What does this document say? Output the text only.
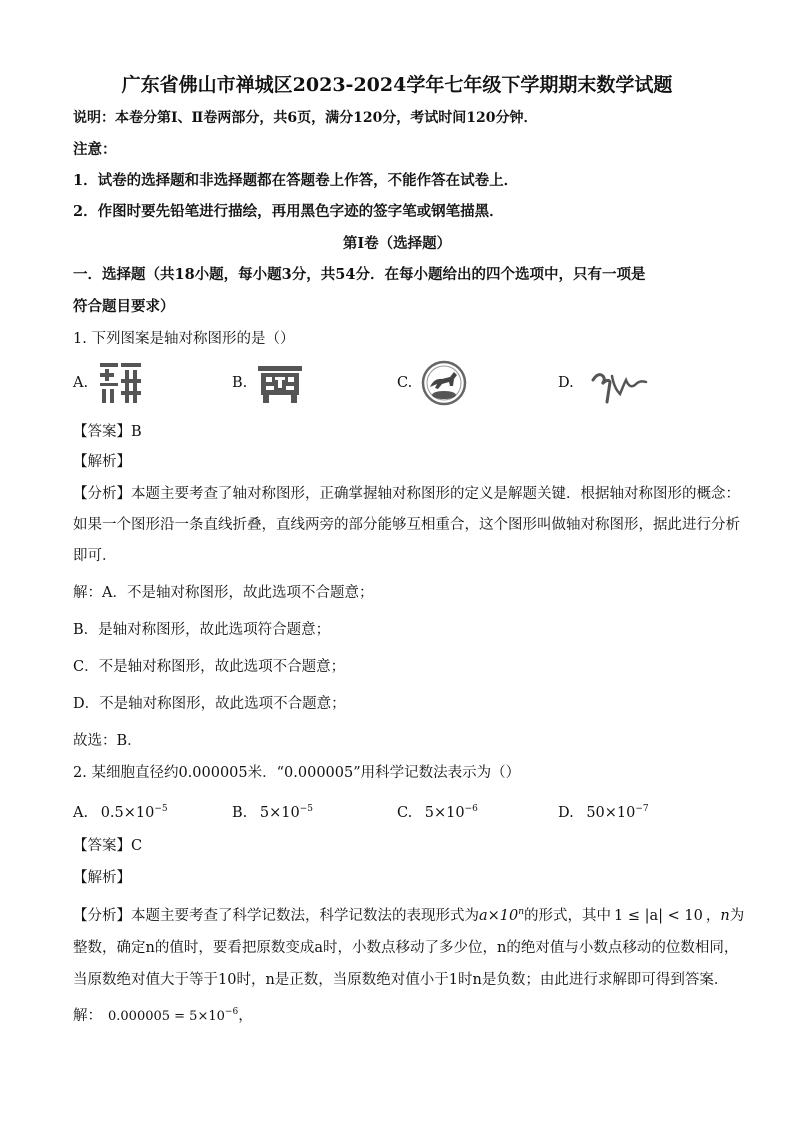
广东省佛山市禅城区2023-2024学年七年级下学期期末数学试题
说明：本卷分第Ⅰ、Ⅱ卷两部分，共6页，满分120分，考试时间120分钟．
注意：
1．试卷的选择题和非选择题都在答题卷上作答，不能作答在试卷上．
2．作图时要先铅笔进行描绘，再用黑色字迹的签字笔或钢笔描黑．
第Ⅰ卷（选择题）
一．选择题（共18小题，每小题3分，共54分．在每小题给出的四个选项中，只有一项是
符合题目要求）
1. 下列图案是轴对称图形的是（）
A.	B.	C.	D.
【答案】B
【解析】
【分析】本题主要考查了轴对称图形，正确掌握轴对称图形的定义是解题关键．根据轴对称图形的概念：
如果一个图形沿一条直线折叠，直线两旁的部分能够互相重合，这个图形叫做轴对称图形，据此进行分析
即可．
解：A．不是轴对称图形，故此选项不合题意；
B．是轴对称图形，故此选项符合题意；
C．不是轴对称图形，故此选项不合题意；
D．不是轴对称图形，故此选项不合题意；
故选：B．
2. 某细胞直径约0.000005米．“0.000005”用科学记数法表示为（）
A. $0.5\times 10^{-5}$	B. $5\times 10^{-5}$	C. $5\times 10^{-6}$	D. $50\times 10^{-7}$
【答案】C
【解析】
【分析】本题主要考查了科学记数法，科学记数法的表现形式为$a\times 10^n$的形式，其中 1 ≤ |a| < 10 ，n为
整数，确定n的值时，要看把原数变成a时，小数点移动了多少位，n的绝对值与小数点移动的位数相同，
当原数绝对值大于等于10时，n是正数，当原数绝对值小于1时n是负数；由此进行求解即可得到答案．
解： $0.000005 = 5\times 10^{-6}$，
